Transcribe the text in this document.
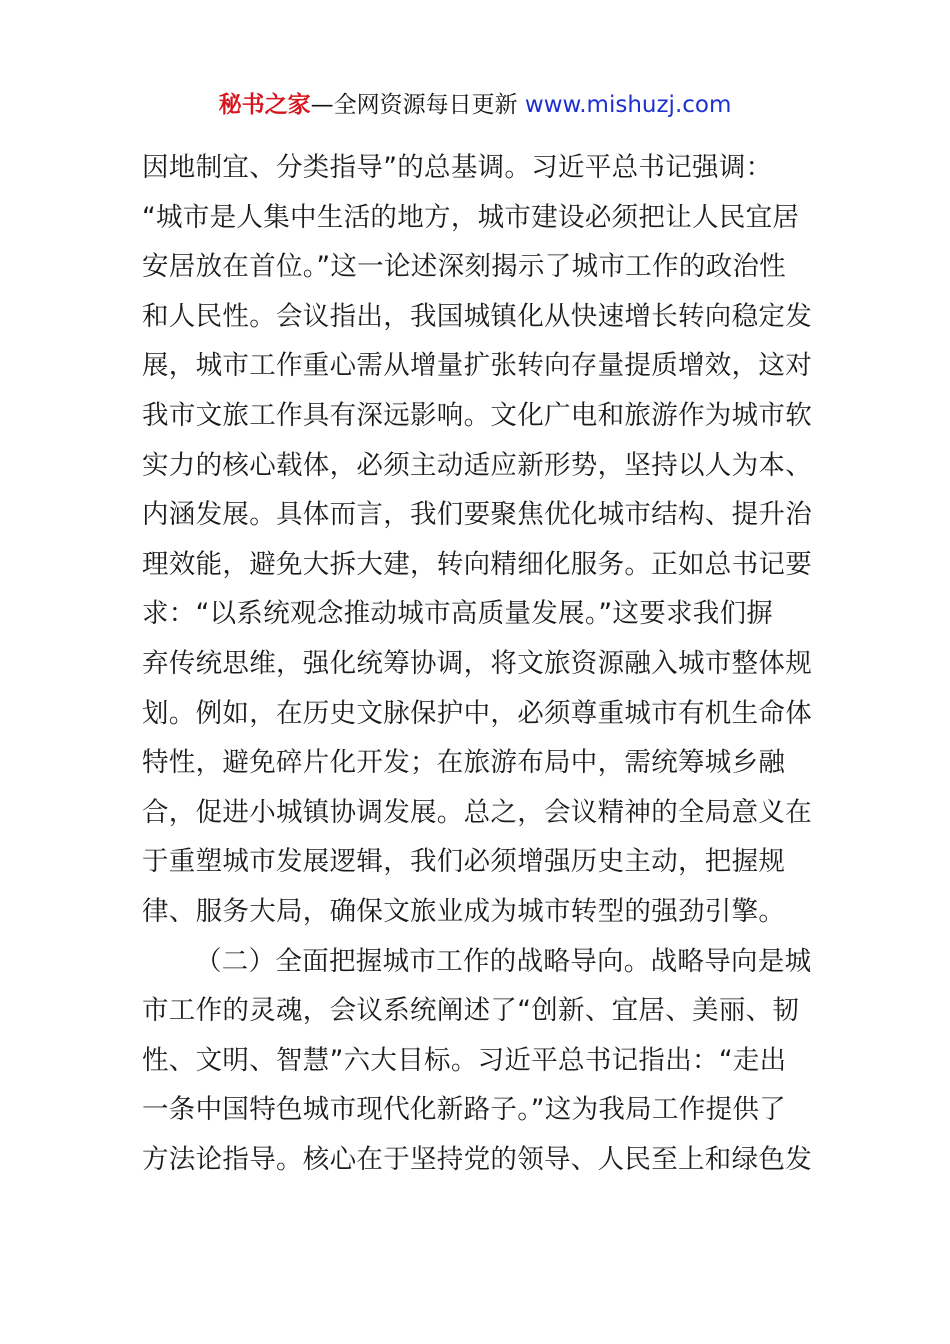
秘书之家—全网资源每日更新 www.mishuzj.com
因地制宜、分类指导”的总基调。习近平总书记强调：
“城市是人集中生活的地方，城市建设必须把让人民宜居
安居放在首位。”这一论述深刻揭示了城市工作的政治性
和人民性。会议指出，我国城镇化从快速增长转向稳定发
展，城市工作重心需从增量扩张转向存量提质增效，这对
我市文旅工作具有深远影响。文化广电和旅游作为城市软
实力的核心载体，必须主动适应新形势，坚持以人为本、
内涵发展。具体而言，我们要聚焦优化城市结构、提升治
理效能，避免大拆大建，转向精细化服务。正如总书记要
求：“以系统观念推动城市高质量发展。”这要求我们摒
弃传统思维，强化统筹协调，将文旅资源融入城市整体规
划。例如，在历史文脉保护中，必须尊重城市有机生命体
特性，避免碎片化开发；在旅游布局中，需统筹城乡融
合，促进小城镇协调发展。总之，会议精神的全局意义在
于重塑城市发展逻辑，我们必须增强历史主动，把握规
律、服务大局，确保文旅业成为城市转型的强劲引擎。
（二）全面把握城市工作的战略导向。战略导向是城
市工作的灵魂，会议系统阐述了“创新、宜居、美丽、韧
性、文明、智慧”六大目标。习近平总书记指出：“走出
一条中国特色城市现代化新路子。”这为我局工作提供了
方法论指导。核心在于坚持党的领导、人民至上和绿色发
